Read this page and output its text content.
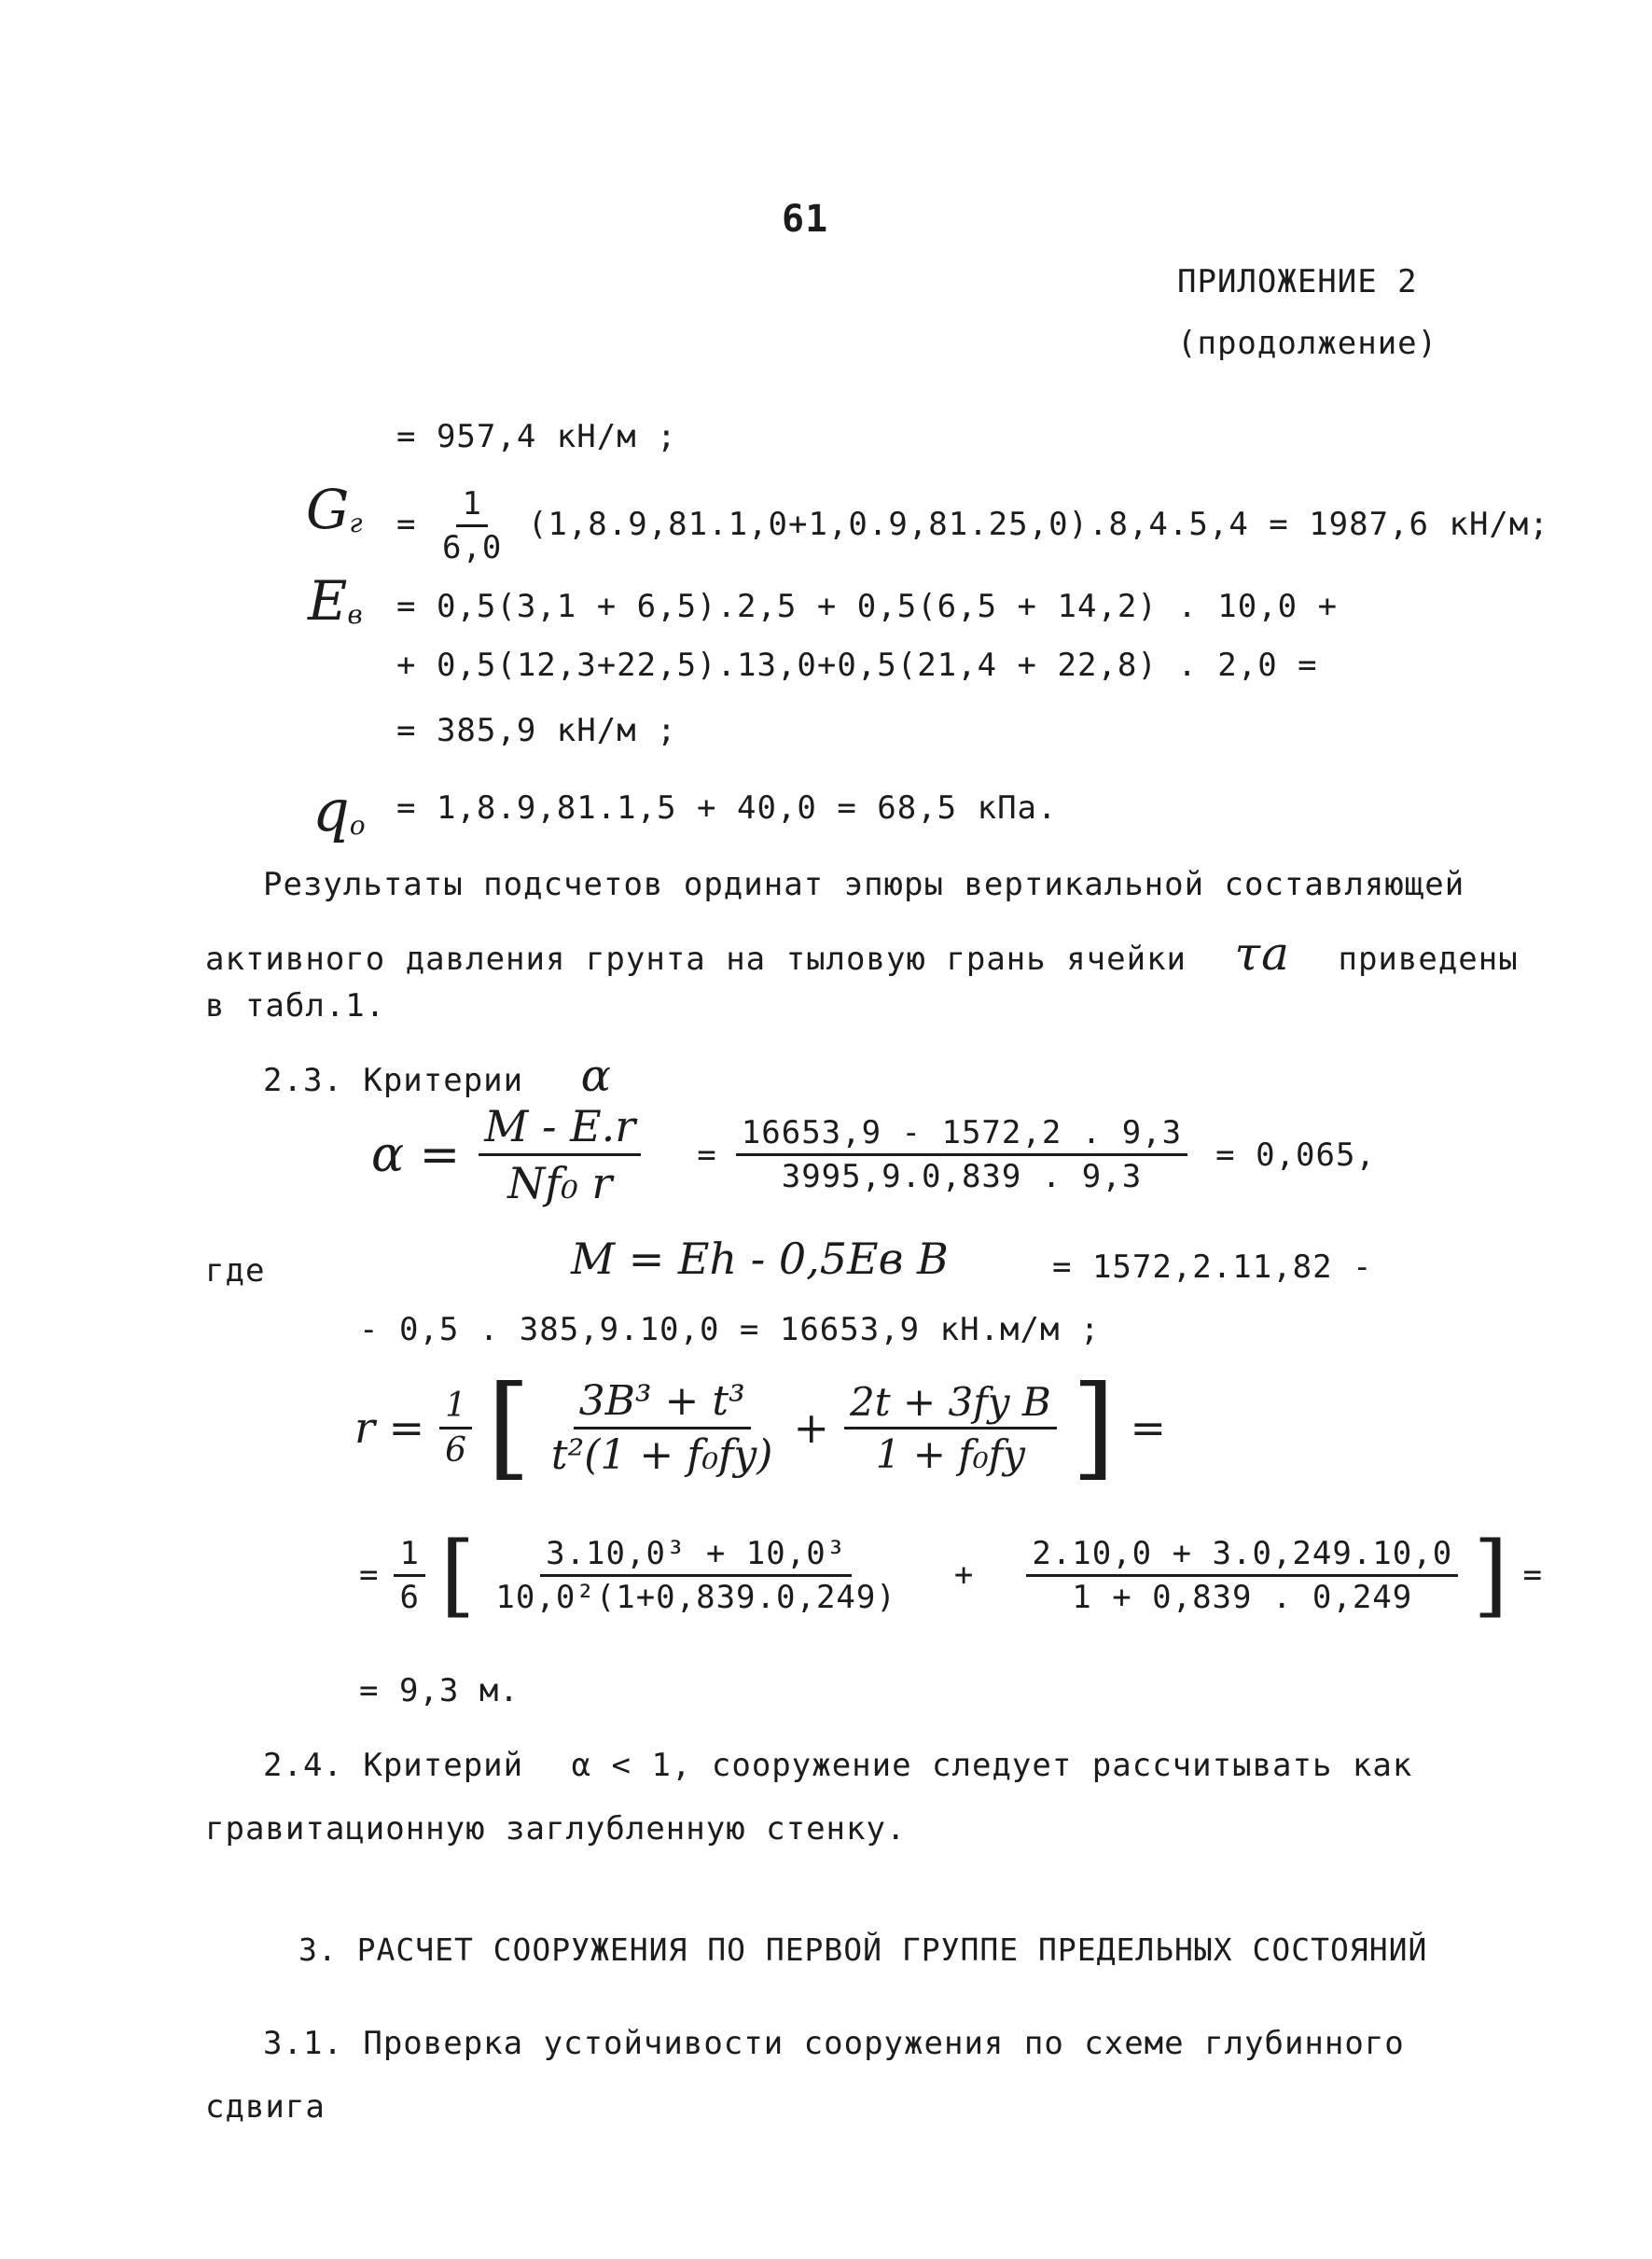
61
ПРИЛОЖЕНИЕ 2
(продолжение)
= 957,4 кН/м ;
$G_г = \frac{1}{6,0} (1,8.9,81.1,0+1,0.9,81.25,0).8,4.5,4 = 1987,6$ кН/м;
$E_в = 0,5(3,1 + 6,5).2,5 + 0,5(6,5 + 14,2)$ . 10,0 +
+ 0,5(12,3+22,5).13,0+0,5(21,4 + 22,8) . 2,0 =
= 385,9 кН/м ;
$q_o = 1,8.9,81.1,5 + 40,0 = 68,5$ кПа.
Результаты подсчетов ординат эпюры вертикальной составляющей
активного давления грунта на тыловую грань ячейки τa приведены
в табл.1.
2.3. Критерии α
$\alpha = \frac{M - E.r}{\text{Nf₀ r}} = \frac{16653,9 - 1572,2 . 9,3}{3995,9.0,839 . 9,3} = 0,065$,
где	M = Eh - 0,5Eв B	= 1572,2.11,82 -
- 0,5 . 385,9.10,0 = 16653,9 кН.м/м ;
$r = \frac{1}{6}$ [ $\frac{\text{3B³ + t³}}{\text{t²(1 + f₀fy)}} + \frac{\text{2t + 3fy B}}{\text{1 + f₀fy}}$ ] =
= $\frac{1}{6}$ [ $\frac{\text{3.10,0³ + 10,0³}}{\text{10,0²(1+0,839.0,249)}} + \frac{2.10,0 + 3.0,249.10,0}{1 + 0,839 . 0,249}$ ] =
= 9,3 м.
2.4. Критерий α < 1, сооружение следует рассчитывать как
гравитационную заглубленную стенку.
3. РАСЧЕТ СООРУЖЕНИЯ ПО ПЕРВОЙ ГРУППЕ ПРЕДЕЛЬНЫХ СОСТОЯНИЙ
3.1. Проверка устойчивости сооружения по схеме глубинного
сдвига
